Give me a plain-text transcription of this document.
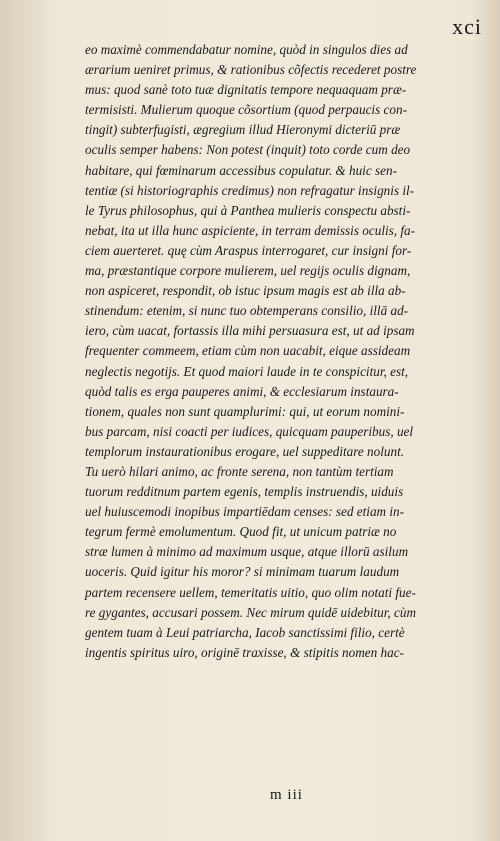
xci
eo maximè commendabatur nomine, quòd in singulos dies ad
ærarium ueniret primus, & rationibus cõfectis recederet postre
mus: quod sanè toto tuæ dignitatis tempore nequaquam præ-
termisisti. Mulierum quoque cõsortium (quod perpaucis con-
tingit) subterfugisti, ægregium illud Hieronymi dicteriū præ
oculis semper habens: Non potest (inquit) toto corde cum deo
habitare, qui fœminarum accessibus copulatur. & huic sen-
tentiæ (si historiographis credimus) non refragatur insignis il-
le Tyrus philosophus, qui à Panthea mulieris conspectu absti-
nebat, ita ut illa hunc aspiciente, in terram demissis oculis, fa-
ciem auerteret. quę cùm Araspus interrogaret, cur insigni for-
ma, præstantique corpore mulierem, uel regijs oculis dignam,
non aspiceret, respondit, ob istuc ipsum magis est ab illa ab-
stinendum: etenim, si nunc tuo obtemperans consilio, illā ad-
iero, cùm uacat, fortassis illa mihi persuasura est, ut ad ipsam
frequenter commeem, etiam cùm non uacabit, eique assideam
neglectis negotijs. Et quod maiori laude in te conspicitur, est,
quòd talis es erga pauperes animi, & ecclesiarum instaura-
tionem, quales non sunt quamplurimi: qui, ut eorum nomini-
bus parcam, nisi coacti per iudices, quicquam pauperibus, uel
templorum instaurationibus erogare, uel suppeditare nolunt.
Tu uerò hilari animo, ac fronte serena, non tantùm tertiam
tuorum redditnum partem egenis, templis instruendis, uiduis
uel huiuscemodi inopibus impartiēdam censes: sed etiam in-
tegrum fermè emolumentum. Quod fit, ut unicum patriæ no
stræ lumen à minimo ad maximum usque, atque illorū asilum
uoceris. Quid igitur his moror? si minimam tuarum laudum
partem recensere uellem, temeritatis uitio, quo olim notati fue-
re gygantes, accusari possem. Nec mirum quidē uidebitur, cùm
gentem tuam à Leui patriarcha, Iacob sanctissimi filio, certè
ingentis spiritus uiro, originē traxisse, & stipitis nomen hac-
m iii
